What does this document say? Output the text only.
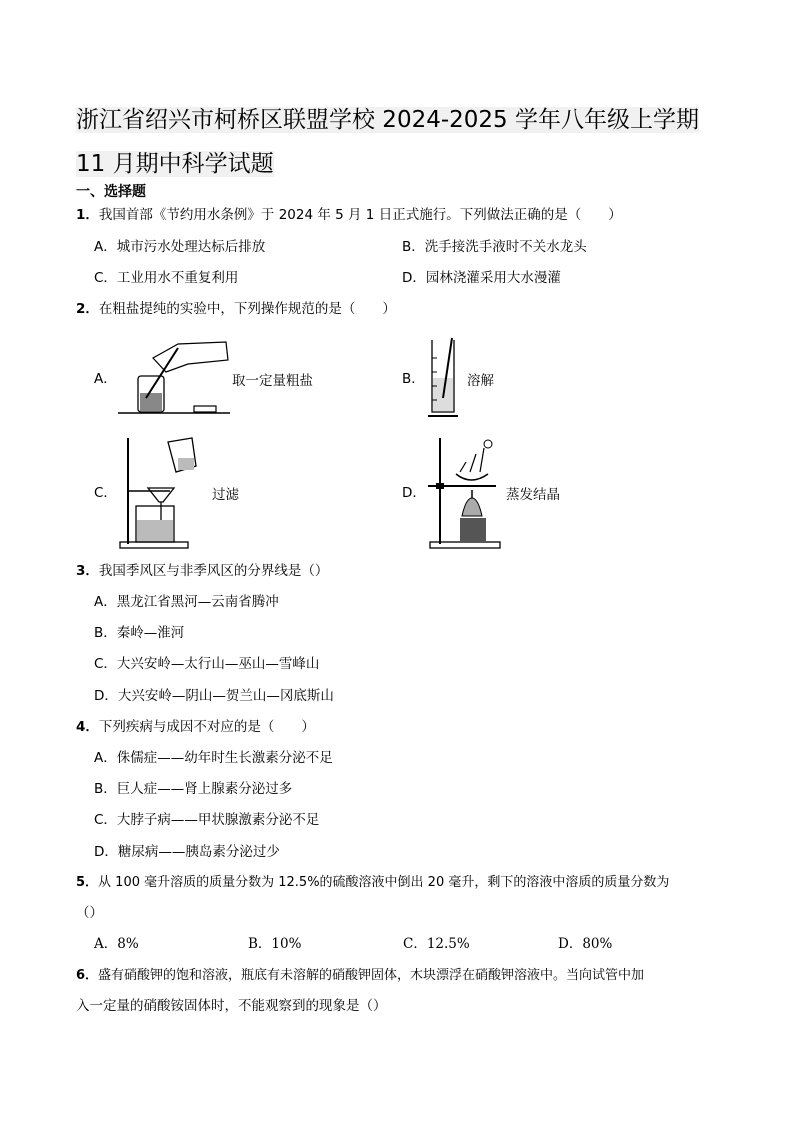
浙江省绍兴市柯桥区联盟学校 2024-2025 学年八年级上学期 11 月期中科学试题
一、选择题
1．我国首部《节约用水条例》于 2024 年 5 月 1 日正式施行。下列做法正确的是（　　）
A．城市污水处理达标后排放	B．洗手接洗手液时不关水龙头
C．工业用水不重复利用	D．园林浇灌采用大水漫灌
2．在粗盐提纯的实验中，下列操作规范的是（　　）
A．	取一定量粗盐	B．	溶解
C．	过滤	D．	蒸发结晶
3．我国季风区与非季风区的分界线是（）
A．黑龙江省黑河—云南省腾冲
B．秦岭—淮河
C．大兴安岭—太行山—巫山—雪峰山
D．大兴安岭—阴山—贺兰山—冈底斯山
4．下列疾病与成因不对应的是（　　）
A．侏儒症——幼年时生长激素分泌不足
B．巨人症——肾上腺素分泌过多
C．大脖子病——甲状腺激素分泌不足
D．糖尿病——胰岛素分泌过少
5．从 100 毫升溶质的质量分数为 12.5%的硫酸溶液中倒出 20 毫升，剩下的溶液中溶质的质量分数为
（）
A．8%	B．10%	C．12.5%	D．80%
6．盛有硝酸钾的饱和溶液，瓶底有未溶解的硝酸钾固体，木块漂浮在硝酸钾溶液中。当向试管中加
入一定量的硝酸铵固体时，不能观察到的现象是（）
